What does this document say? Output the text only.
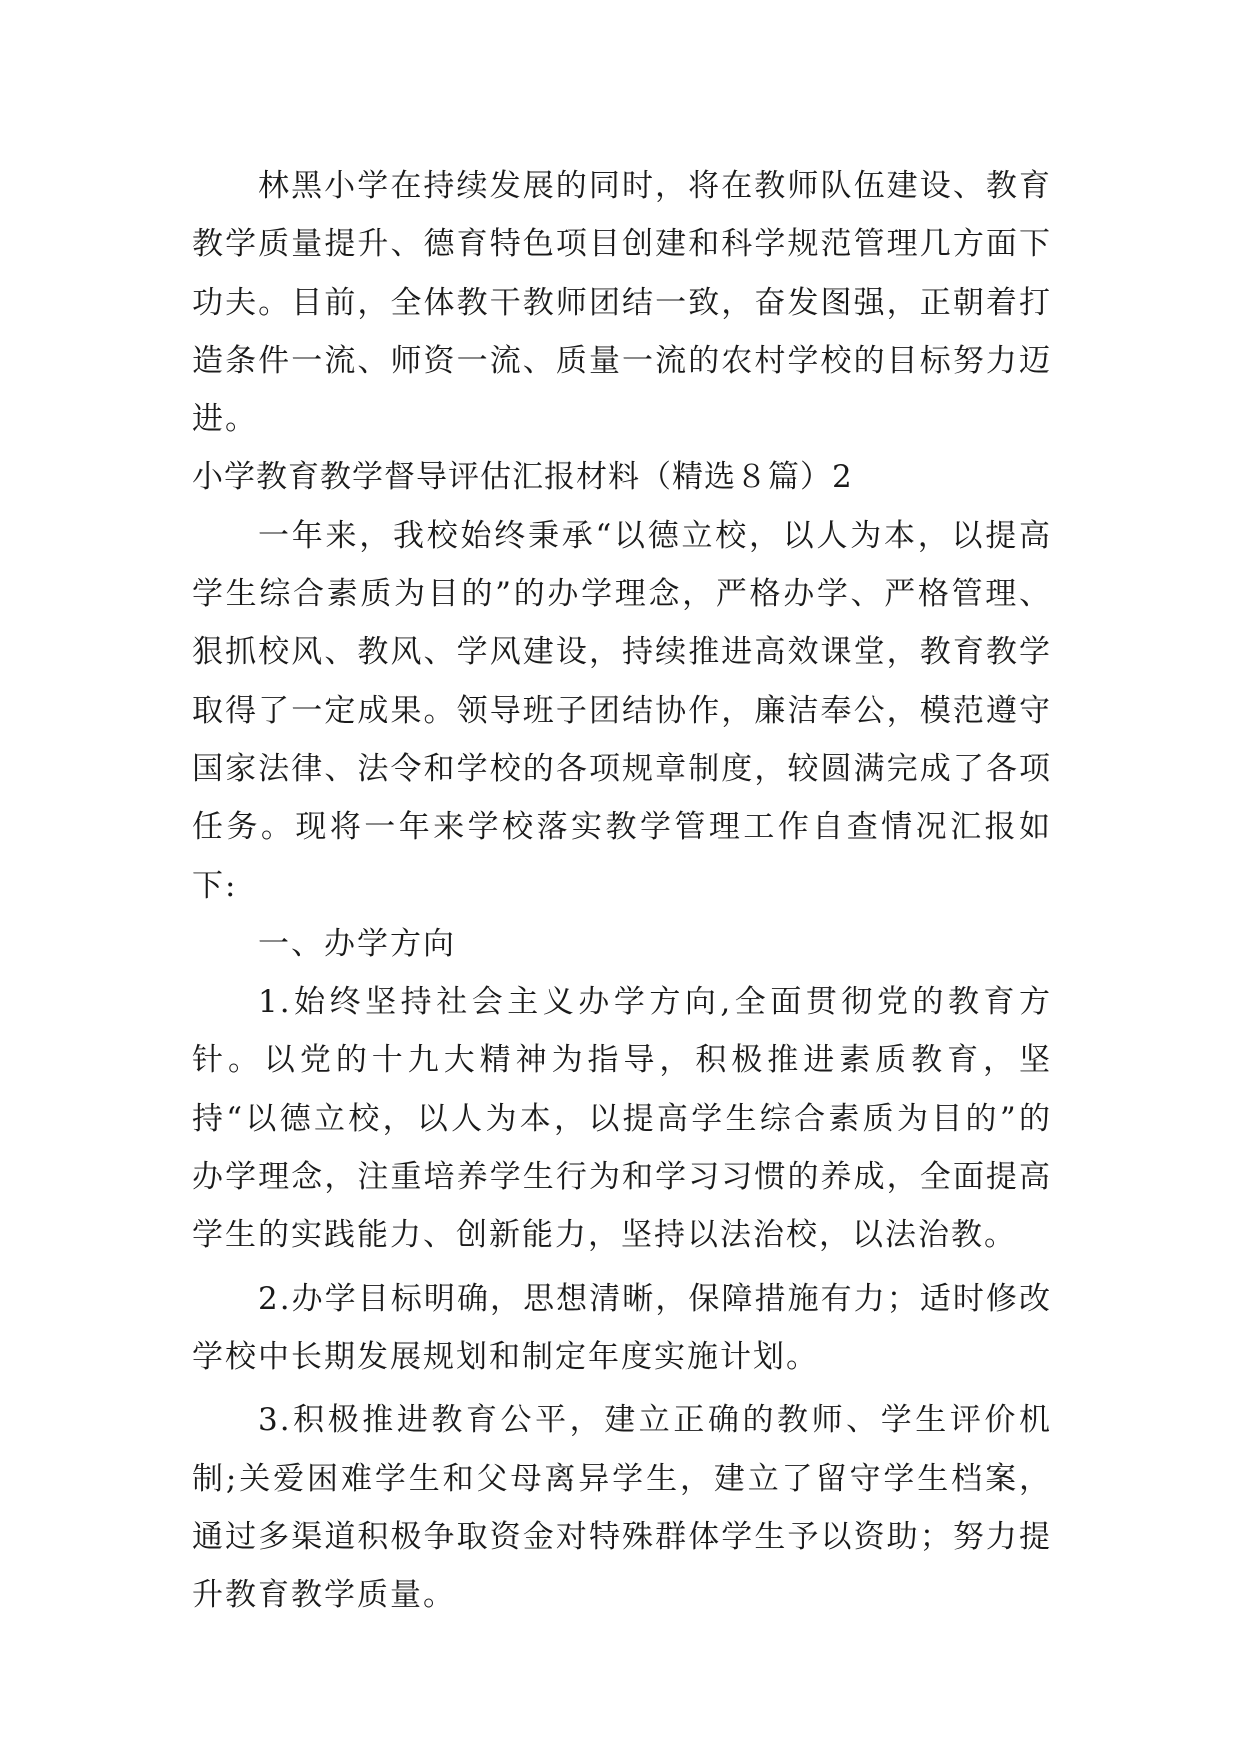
林黑小学在持续发展的同时，将在教师队伍建设、教育教学质量提升、德育特色项目创建和科学规范管理几方面下功夫。目前，全体教干教师团结一致，奋发图强，正朝着打造条件一流、师资一流、质量一流的农村学校的目标努力迈进。

小学教育教学督导评估汇报材料（精选８篇）2

一年来，我校始终秉承“以德立校，以人为本，以提高学生综合素质为目的”的办学理念，严格办学、严格管理、狠抓校风、教风、学风建设，持续推进高效课堂，教育教学取得了一定成果。领导班子团结协作，廉洁奉公，模范遵守国家法律、法令和学校的各项规章制度，较圆满完成了各项任务。现将一年来学校落实教学管理工作自查情况汇报如下:

一、办学方向

1.始终坚持社会主义办学方向,全面贯彻党的教育方针。以党的十九大精神为指导，积极推进素质教育，坚持“以德立校，以人为本，以提高学生综合素质为目的”的办学理念，注重培养学生行为和学习习惯的养成，全面提高学生的实践能力、创新能力，坚持以法治校，以法治教。

2.办学目标明确，思想清晰，保障措施有力；适时修改学校中长期发展规划和制定年度实施计划。

3.积极推进教育公平，建立正确的教师、学生评价机制;关爱困难学生和父母离异学生，建立了留守学生档案，通过多渠道积极争取资金对特殊群体学生予以资助；努力提升教育教学质量。
